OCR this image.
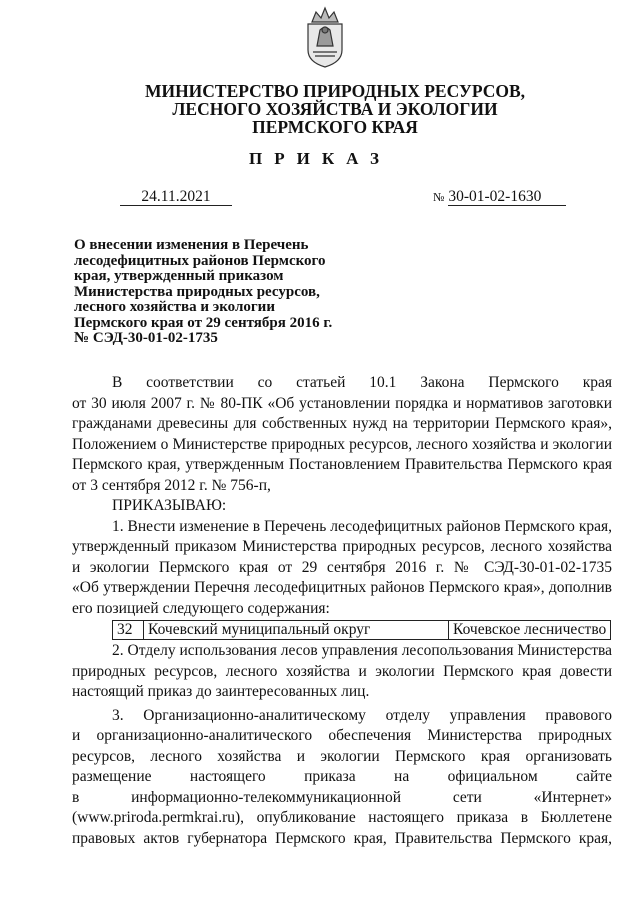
МИНИСТЕРСТВО ПРИРОДНЫХ РЕСУРСОВ,
ЛЕСНОГО ХОЗЯЙСТВА И ЭКОЛОГИИ
ПЕРМСКОГО КРАЯ
ПРИКАЗ
24.11.2021	№ 30-01-02-1630
О внесении изменения в Перечень
лесодефицитных районов Пермского
края, утвержденный приказом
Министерства природных ресурсов,
лесного хозяйства и экологии
Пермского края от 29 сентября 2016 г.
№ СЭД-30-01-02-1735
В соответствии со статьей 10.1 Закона Пермского края
от 30 июля 2007 г. № 80-ПК «Об установлении порядка и нормативов заготовки
гражданами древесины для собственных нужд на территории Пермского края»,
Положением о Министерстве природных ресурсов, лесного хозяйства и экологии
Пермского края, утвержденным Постановлением Правительства Пермского края
от 3 сентября 2012 г. № 756-п,
ПРИКАЗЫВАЮ:
1. Внести изменение в Перечень лесодефицитных районов Пермского края,
утвержденный приказом Министерства природных ресурсов, лесного хозяйства
и экологии Пермского края от 29 сентября 2016 г. № СЭД-30-01-02-1735
«Об утверждении Перечня лесодефицитных районов Пермского края», дополнив
его позицией следующего содержания:
32	Кочевский муниципальный округ	Кочевское лесничество
2. Отделу использования лесов управления лесопользования Министерства
природных ресурсов, лесного хозяйства и экологии Пермского края довести
настоящий приказ до заинтересованных лиц.
3. Организационно-аналитическому отделу управления правового
и организационно-аналитического обеспечения Министерства природных
ресурсов, лесного хозяйства и экологии Пермского края организовать
размещение настоящего приказа на официальном сайте
в информационно-телекоммуникационной сети «Интернет»
(www.priroda.permkrai.ru), опубликование настоящего приказа в Бюллетене
правовых актов губернатора Пермского края, Правительства Пермского края,
